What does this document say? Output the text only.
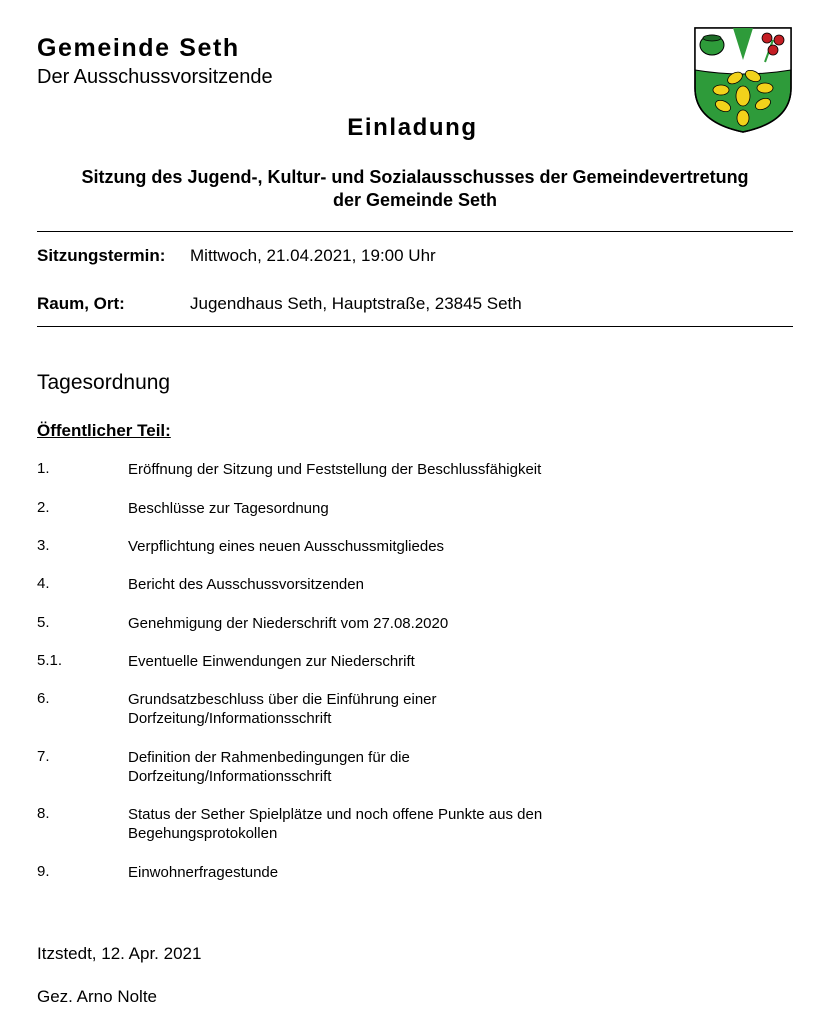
Gemeinde Seth
Der Ausschussvorsitzende
Einladung
Sitzung des Jugend-, Kultur- und Sozialausschusses der Gemeindevertretung
der Gemeinde Seth
Sitzungstermin: Mittwoch, 21.04.2021, 19:00 Uhr
Raum, Ort:	Jugendhaus Seth, Hauptstraße, 23845 Seth
Tagesordnung
Öffentlicher Teil:
1.	Eröffnung der Sitzung und Feststellung der Beschlussfähigkeit
2.	Beschlüsse zur Tagesordnung
3.	Verpflichtung eines neuen Ausschussmitgliedes
4.	Bericht des Ausschussvorsitzenden
5.	Genehmigung der Niederschrift vom 27.08.2020
5.1.	Eventuelle Einwendungen zur Niederschrift
6.	Grundsatzbeschluss über die Einführung einer
Dorfzeitung/Informationsschrift
7.	Definition der Rahmenbedingungen für die
Dorfzeitung/Informationsschrift
8.	Status der Sether Spielplätze und noch offene Punkte aus den
Begehungsprotokollen
9.	Einwohnerfragestunde
Itzstedt, 12. Apr. 2021
Gez. Arno Nolte
